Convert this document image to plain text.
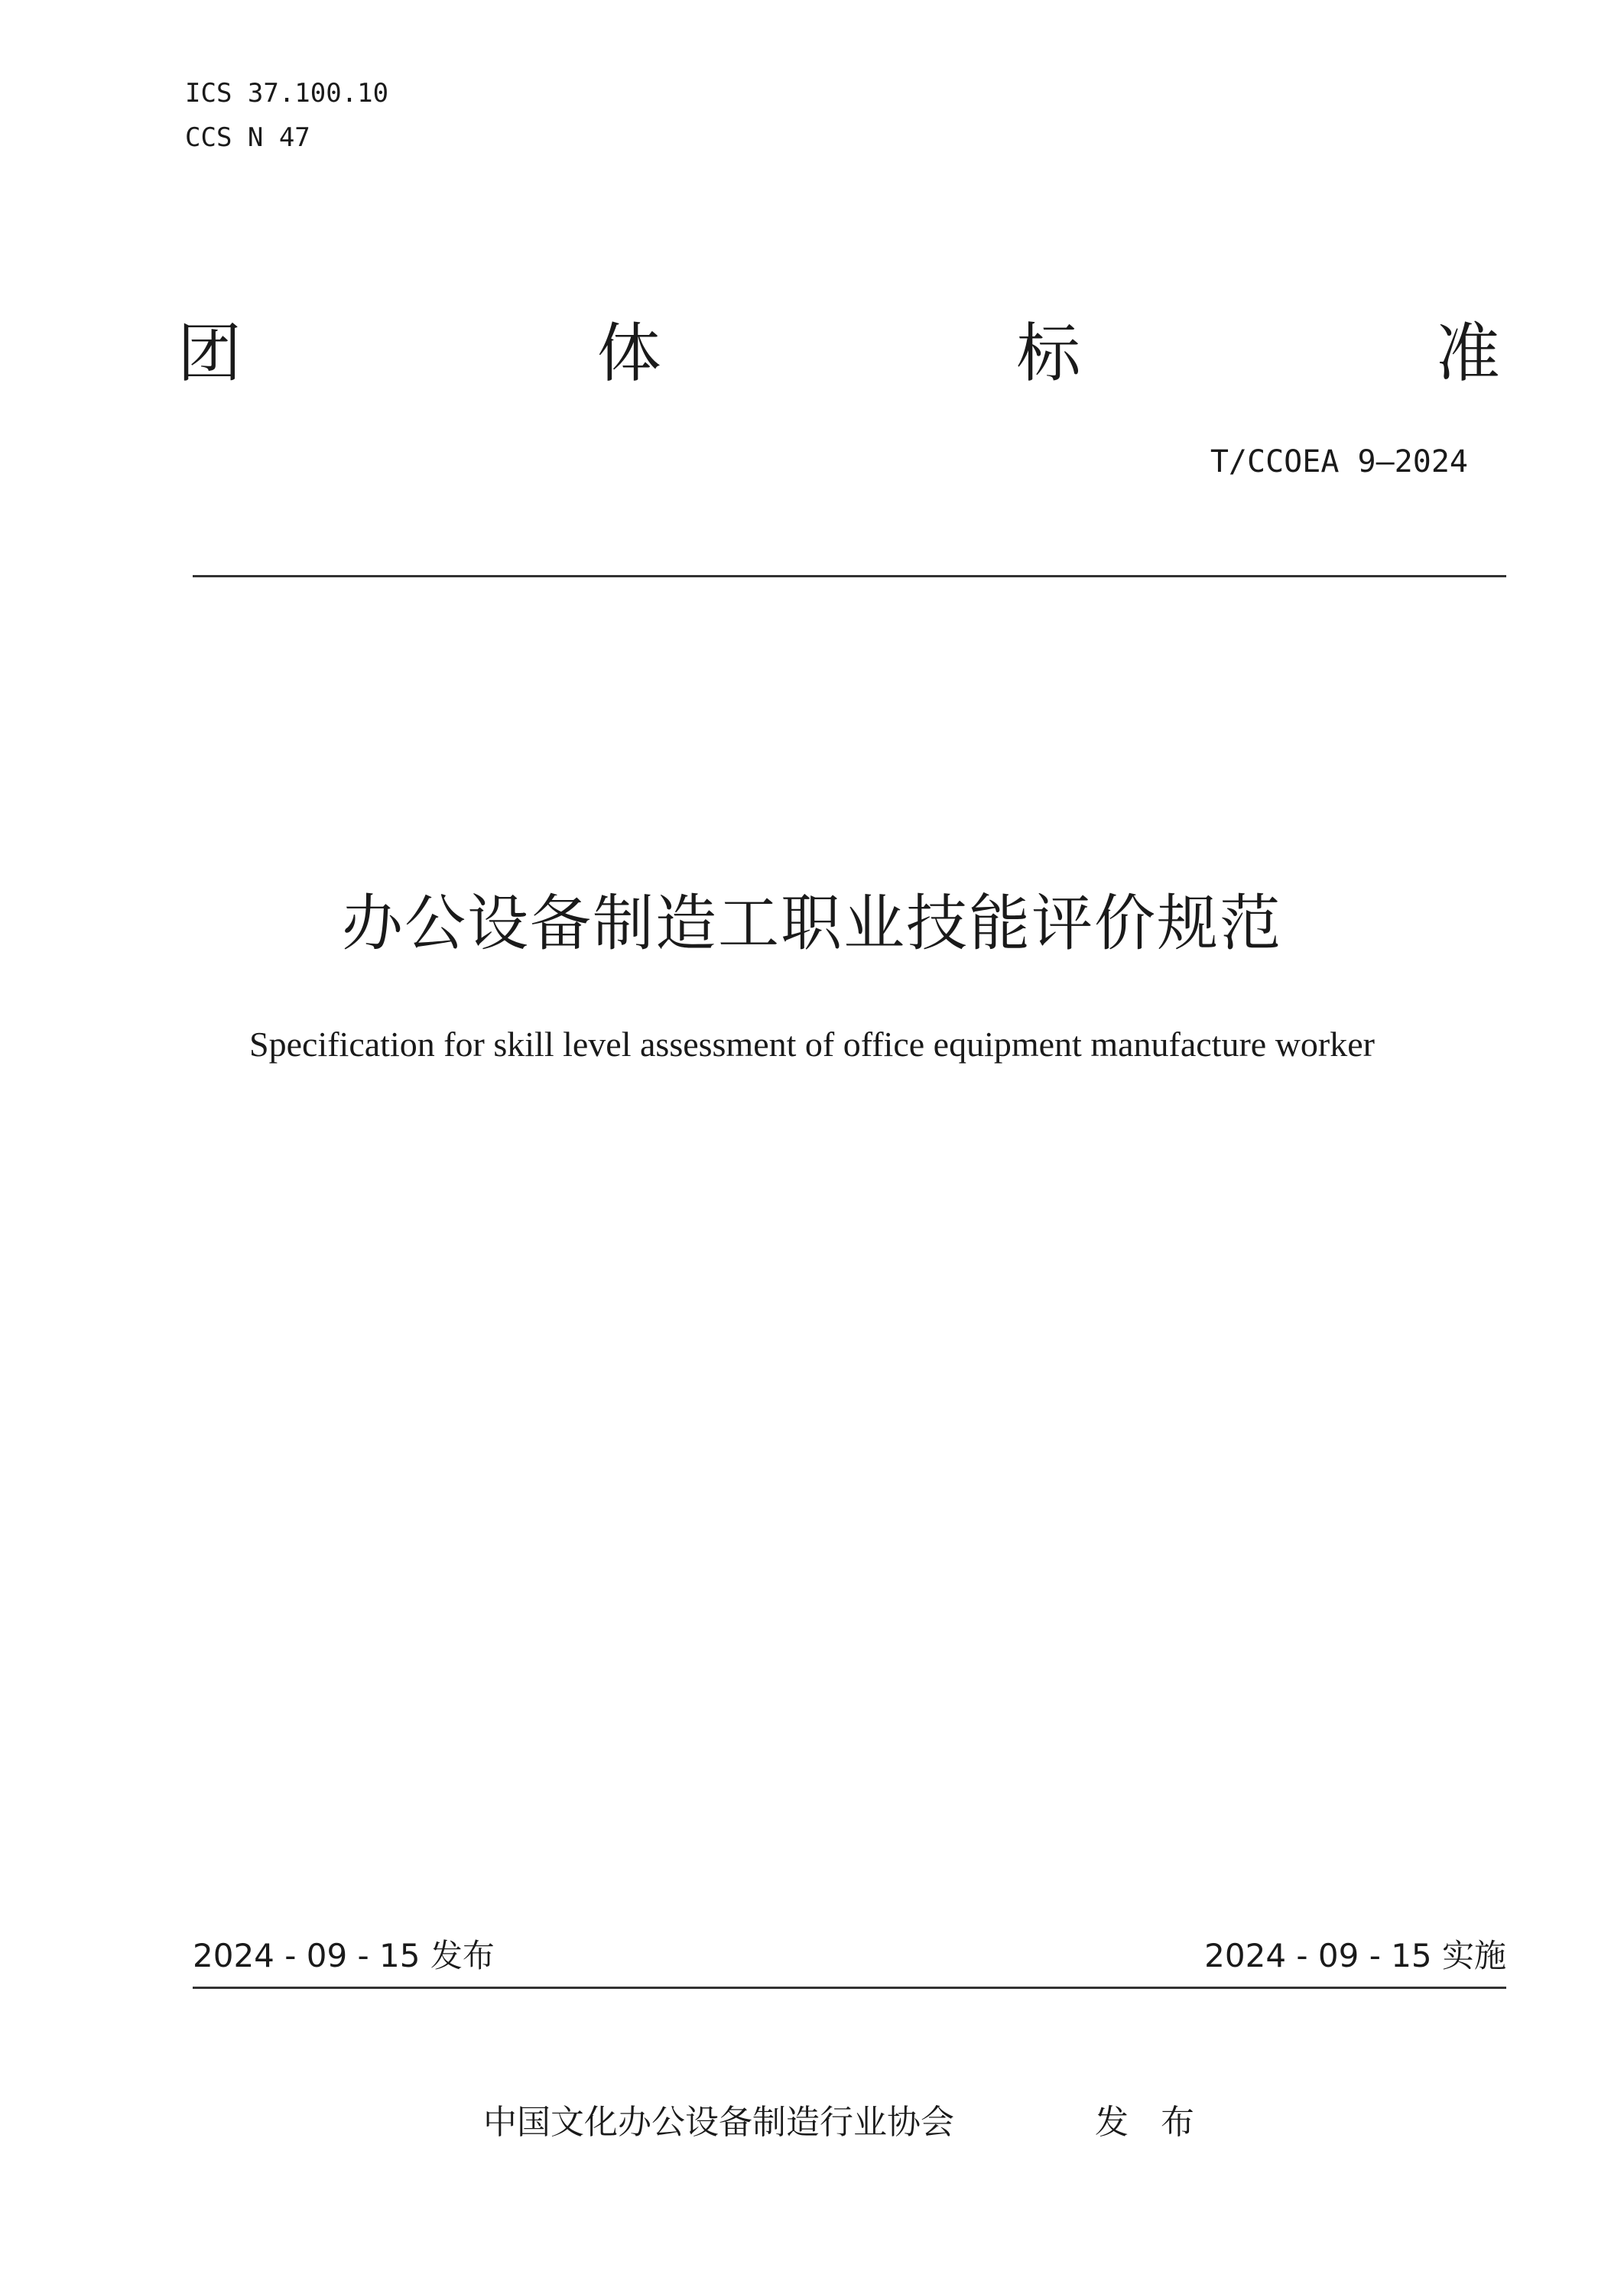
ICS 37.100.10
CCS N 47
团	体	标	准
T/CCOEA 9—2024
办公设备制造工职业技能评价规范
Specification for skill level assessment of office equipment manufacture worker
2024 - 09 - 15 发布	2024 - 09 - 15 实施
中国文化办公设备制造行业协会	发 布
